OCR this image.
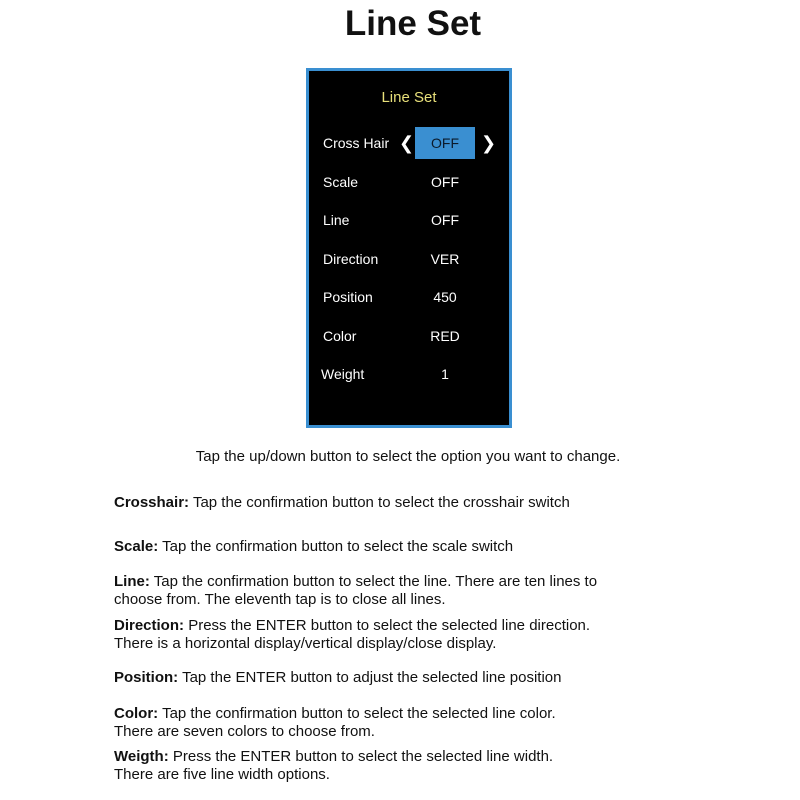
Line Set
Line Set
Cross Hair ❮	OFF	❯
Scale	OFF
Line	OFF
Direction	VER
Position	450
Color	RED
Weight	1
Tap the up/down button to select the option you want to change.
Crosshair: Tap the confirmation button to select the crosshair switch
Scale: Tap the confirmation button to select the scale switch
Line: Tap the confirmation button to select the line. There are ten lines to
choose from. The eleventh tap is to close all lines.
Direction: Press the ENTER button to select the selected line direction.
There is a horizontal display/vertical display/close display.
Position: Tap the ENTER button to adjust the selected line position
Color: Tap the confirmation button to select the selected line color.
There are seven colors to choose from.
Weigth: Press the ENTER button to select the selected line width.
There are five line width options.
